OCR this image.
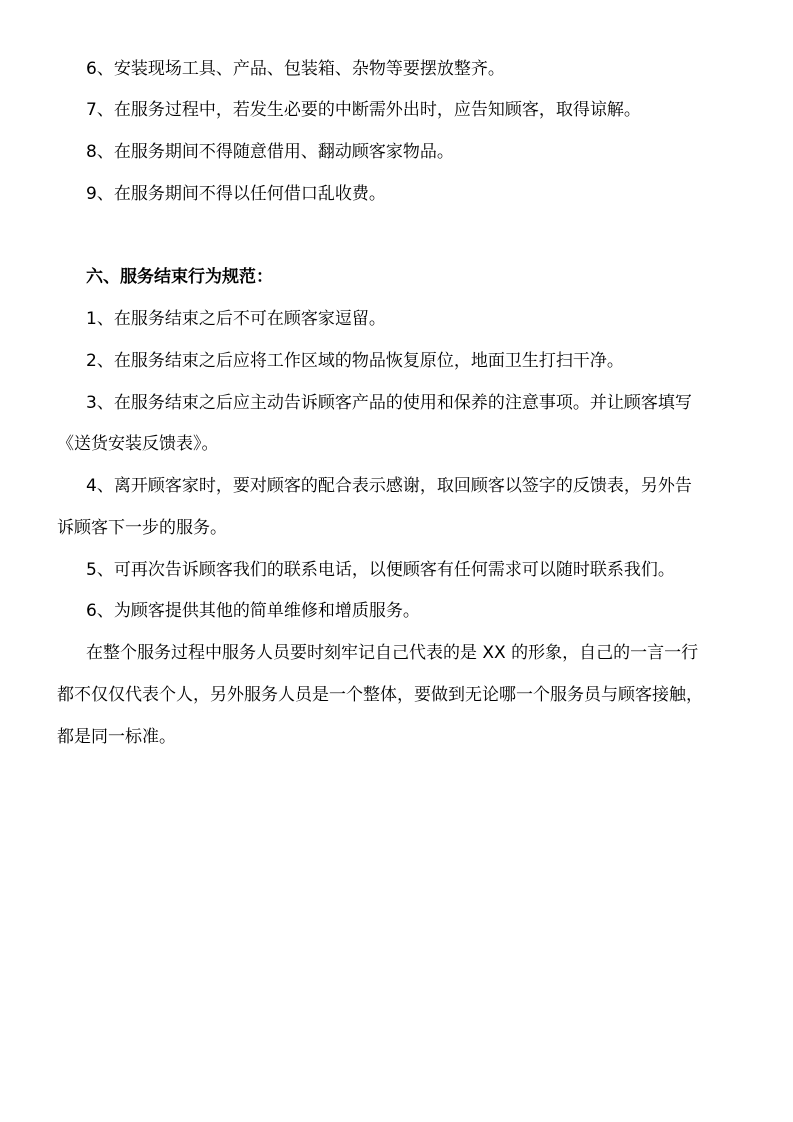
6、安装现场工具、产品、包装箱、杂物等要摆放整齐。
7、在服务过程中，若发生必要的中断需外出时，应告知顾客，取得谅解。
8、在服务期间不得随意借用、翻动顾客家物品。
9、在服务期间不得以任何借口乱收费。
六、服务结束行为规范：
1、在服务结束之后不可在顾客家逗留。
2、在服务结束之后应将工作区域的物品恢复原位，地面卫生打扫干净。
3、在服务结束之后应主动告诉顾客产品的使用和保养的注意事项。并让顾客填写
《送货安装反馈表》。
4、离开顾客家时，要对顾客的配合表示感谢，取回顾客以签字的反馈表，另外告
诉顾客下一步的服务。
5、可再次告诉顾客我们的联系电话，以便顾客有任何需求可以随时联系我们。
6、为顾客提供其他的简单维修和增质服务。
在整个服务过程中服务人员要时刻牢记自己代表的是 XX 的形象，自己的一言一行
都不仅仅代表个人，另外服务人员是一个整体，要做到无论哪一个服务员与顾客接触，
都是同一标准。
